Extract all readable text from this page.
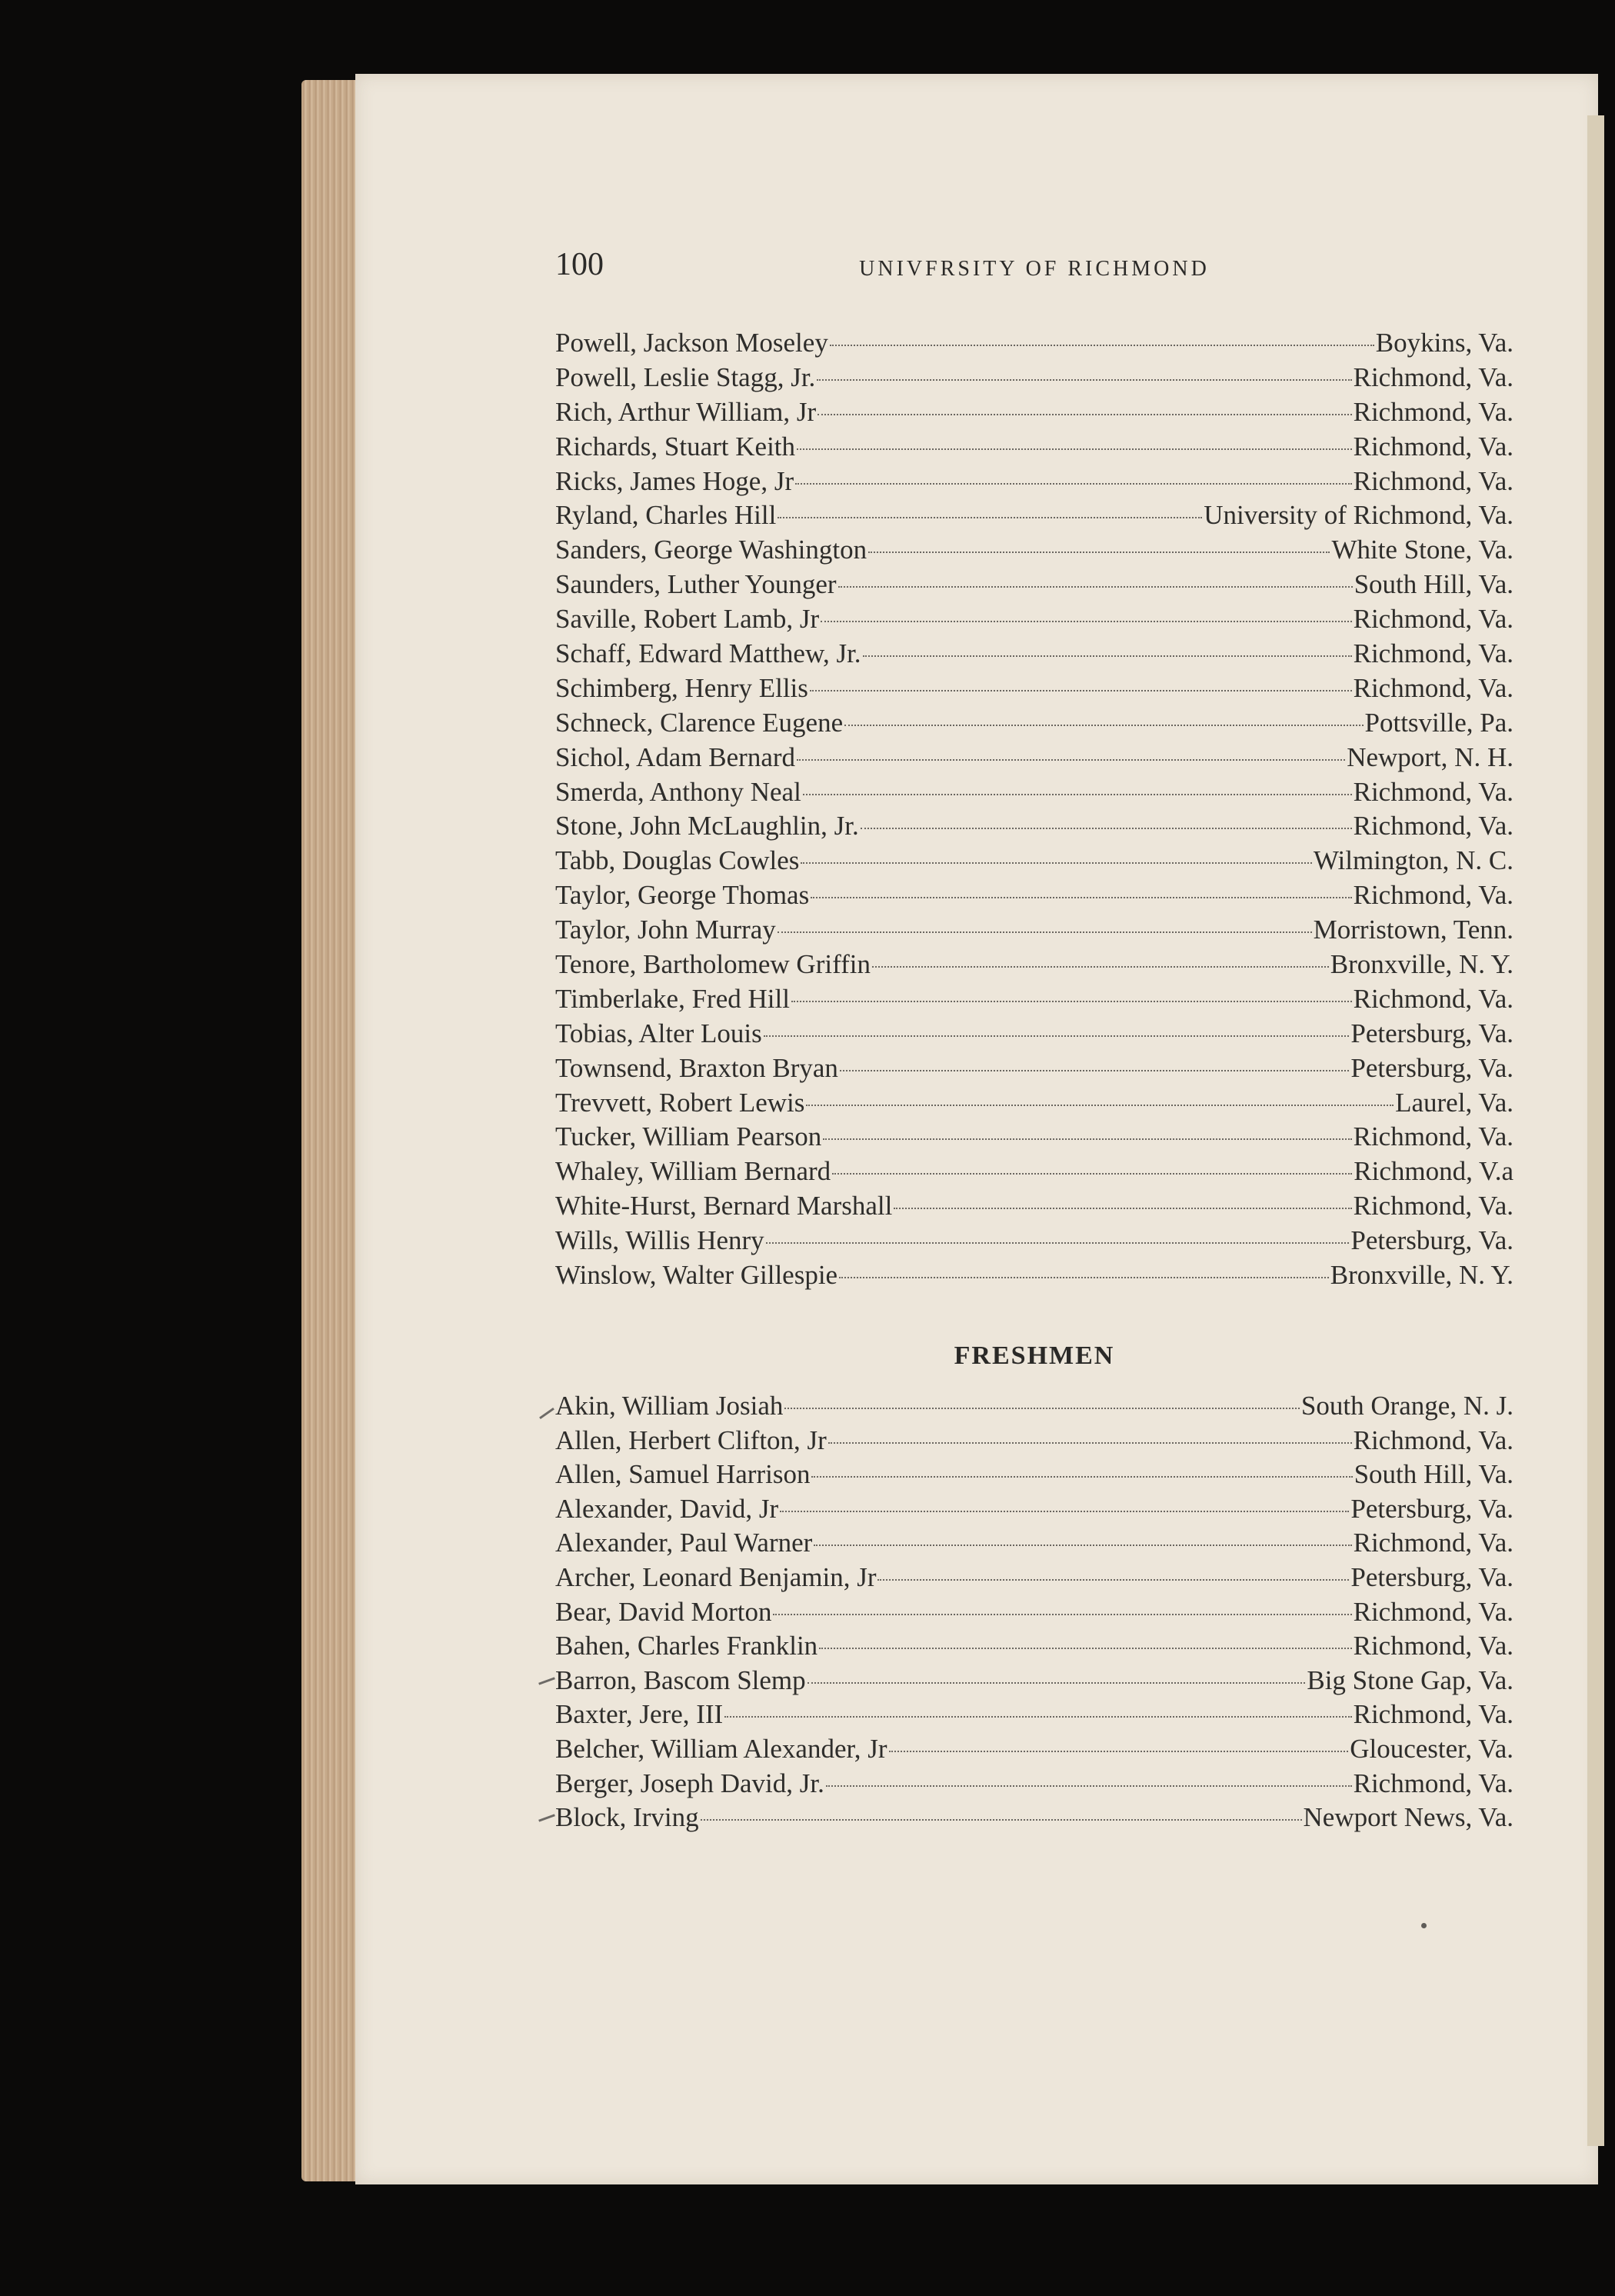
100	UNIVFRSITY OF RICHMOND
Powell, Jackson Moseley	Boykins, Va.
Powell, Leslie Stagg, Jr.	Richmond, Va.
Rich, Arthur William, Jr	Richmond, Va.
Richards, Stuart Keith	Richmond, Va.
Ricks, James Hoge, Jr	Richmond, Va.
Ryland, Charles Hill	University of Richmond, Va.
Sanders, George Washington	White Stone, Va.
Saunders, Luther Younger	South Hill, Va.
Saville, Robert Lamb, Jr	Richmond, Va.
Schaff, Edward Matthew, Jr.	Richmond, Va.
Schimberg, Henry Ellis	Richmond, Va.
Schneck, Clarence Eugene	Pottsville, Pa.
Sichol, Adam Bernard	Newport, N. H.
Smerda, Anthony Neal	Richmond, Va.
Stone, John McLaughlin, Jr.	Richmond, Va.
Tabb, Douglas Cowles	Wilmington, N. C.
Taylor, George Thomas	Richmond, Va.
Taylor, John Murray	Morristown, Tenn.
Tenore, Bartholomew Griffin	Bronxville, N. Y.
Timberlake, Fred Hill	Richmond, Va.
Tobias, Alter Louis	Petersburg, Va.
Townsend, Braxton Bryan	Petersburg, Va.
Trevvett, Robert Lewis	Laurel, Va.
Tucker, William Pearson	Richmond, Va.
Whaley, William Bernard	Richmond, V.a
White-Hurst, Bernard Marshall	Richmond, Va.
Wills, Willis Henry	Petersburg, Va.
Winslow, Walter Gillespie	Bronxville, N. Y.
FRESHMEN
Akin, William Josiah	South Orange, N. J.
Allen, Herbert Clifton, Jr	Richmond, Va.
Allen, Samuel Harrison	South Hill, Va.
Alexander, David, Jr	Petersburg, Va.
Alexander, Paul Warner	Richmond, Va.
Archer, Leonard Benjamin, Jr	Petersburg, Va.
Bear, David Morton	Richmond, Va.
Bahen, Charles Franklin	Richmond, Va.
Barron, Bascom Slemp	Big Stone Gap, Va.
Baxter, Jere, III	Richmond, Va.
Belcher, William Alexander, Jr	Gloucester, Va.
Berger, Joseph David, Jr.	Richmond, Va.
Block, Irving	Newport News, Va.
